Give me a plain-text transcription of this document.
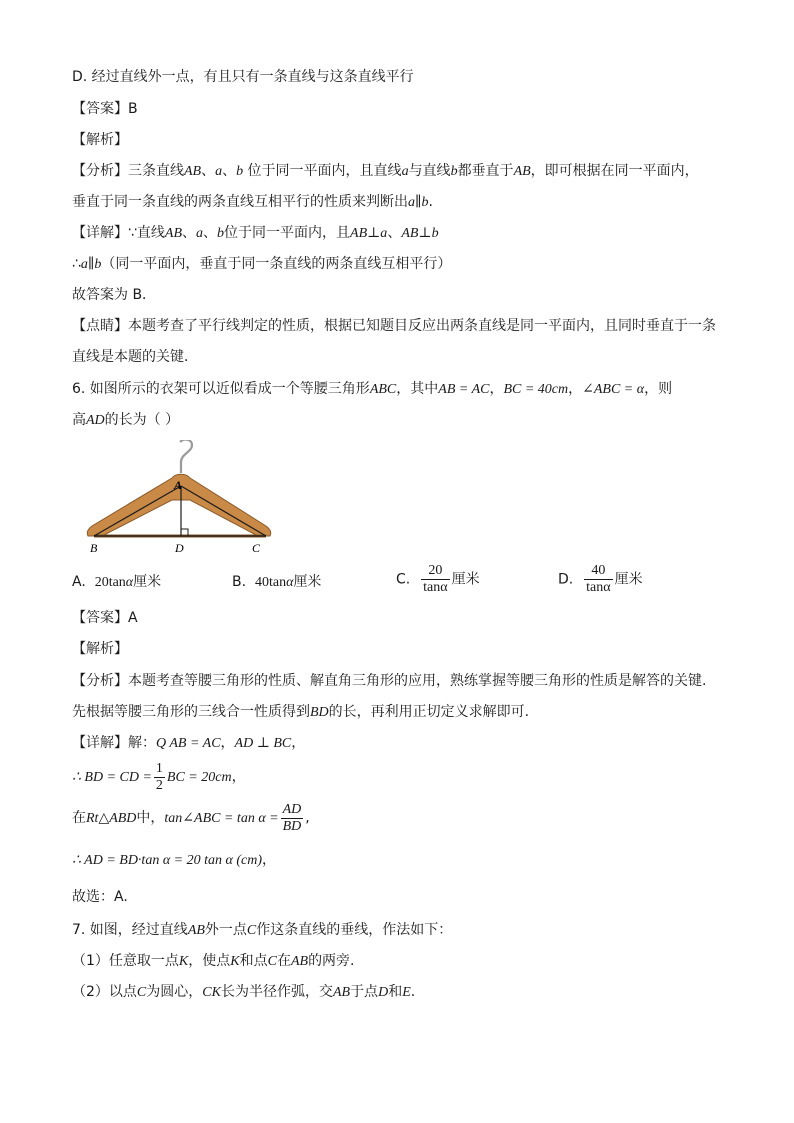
D. 经过直线外一点，有且只有一条直线与这条直线平行
【答案】B
【解析】
【分析】三条直线AB、a、b 位于同一平面内，且直线a与直线b都垂直于AB，即可根据在同一平面内，
垂直于同一条直线的两条直线互相平行的性质来判断出a∥b.
【详解】∵直线AB、a、b位于同一平面内，且AB⊥a、AB⊥b
∴a∥b（同一平面内，垂直于同一条直线的两条直线互相平行）
故答案为 B．
【点睛】本题考查了平行线判定的性质，根据已知题目反应出两条直线是同一平面内，且同时垂直于一条
直线是本题的关键．
6. 如图所示的衣架可以近似看成一个等腰三角形ABC，其中AB = AC，BC = 40cm，∠ABC = α，则
高AD的长为（ ）
A
B	D	C
A. 20tanα厘米	B. 40tanα厘米	C. $\frac{20}{\tan\alpha}$ 厘米	D. $\frac{40}{\tan\alpha}$ 厘米
【答案】A
【解析】
【分析】本题考查等腰三角形的性质、解直角三角形的应用，熟练掌握等腰三角形的性质是解答的关键.
先根据等腰三角形的三线合一性质得到BD的长，再利用正切定义求解即可.
【详解】解：Q AB = AC，AD ⊥ BC，
∴ BD = CD = $\frac{1}{2}$ BC = 20cm，
在Rt△ABD中，tan∠ABC = $\tan \alpha = \frac{AD}{BD}$ ,
∴ AD = BD·tan α = 20 tan α (cm)，
故选：A.
7. 如图，经过直线AB外一点C作这条直线的垂线，作法如下：
（1）任意取一点K，使点K和点C在AB的两旁.
（2）以点C为圆心，CK长为半径作弧，交AB于点D和E.
